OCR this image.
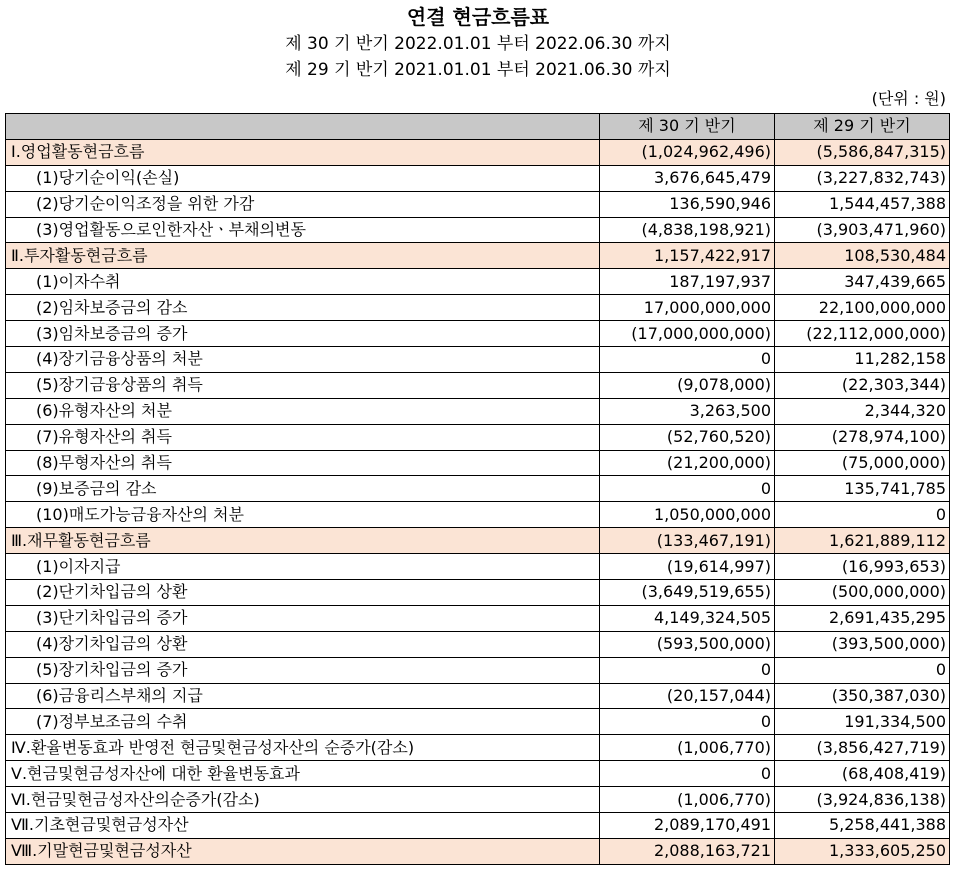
연결 현금흐름표
제 30 기 반기 2022.01.01 부터 2022.06.30 까지
제 29 기 반기 2021.01.01 부터 2021.06.30 까지
(단위 : 원)
	제 30 기 반기	제 29 기 반기
Ⅰ.영업활동현금흐름	(1,024,962,496)	(5,586,847,315)
(1)당기순이익(손실)	3,676,645,479	(3,227,832,743)
(2)당기순이익조정을 위한 가감	136,590,946	1,544,457,388
(3)영업활동으로인한자산ㆍ부채의변동	(4,838,198,921)	(3,903,471,960)
Ⅱ.투자활동현금흐름	1,157,422,917	108,530,484
(1)이자수취	187,197,937	347,439,665
(2)임차보증금의 감소	17,000,000,000	22,100,000,000
(3)임차보증금의 증가	(17,000,000,000)	(22,112,000,000)
(4)장기금융상품의 처분	0	11,282,158
(5)장기금융상품의 취득	(9,078,000)	(22,303,344)
(6)유형자산의 처분	3,263,500	2,344,320
(7)유형자산의 취득	(52,760,520)	(278,974,100)
(8)무형자산의 취득	(21,200,000)	(75,000,000)
(9)보증금의 감소	0	135,741,785
(10)매도가능금융자산의 처분	1,050,000,000	0
Ⅲ.재무활동현금흐름	(133,467,191)	1,621,889,112
(1)이자지급	(19,614,997)	(16,993,653)
(2)단기차입금의 상환	(3,649,519,655)	(500,000,000)
(3)단기차입금의 증가	4,149,324,505	2,691,435,295
(4)장기차입금의 상환	(593,500,000)	(393,500,000)
(5)장기차입금의 증가	0	0
(6)금융리스부채의 지급	(20,157,044)	(350,387,030)
(7)정부보조금의 수취	0	191,334,500
Ⅳ.환율변동효과 반영전 현금및현금성자산의 순증가(감소)	(1,006,770)	(3,856,427,719)
Ⅴ.현금및현금성자산에 대한 환율변동효과	0	(68,408,419)
Ⅵ.현금및현금성자산의순증가(감소)	(1,006,770)	(3,924,836,138)
Ⅶ.기초현금및현금성자산	2,089,170,491	5,258,441,388
Ⅷ.기말현금및현금성자산	2,088,163,721	1,333,605,250
